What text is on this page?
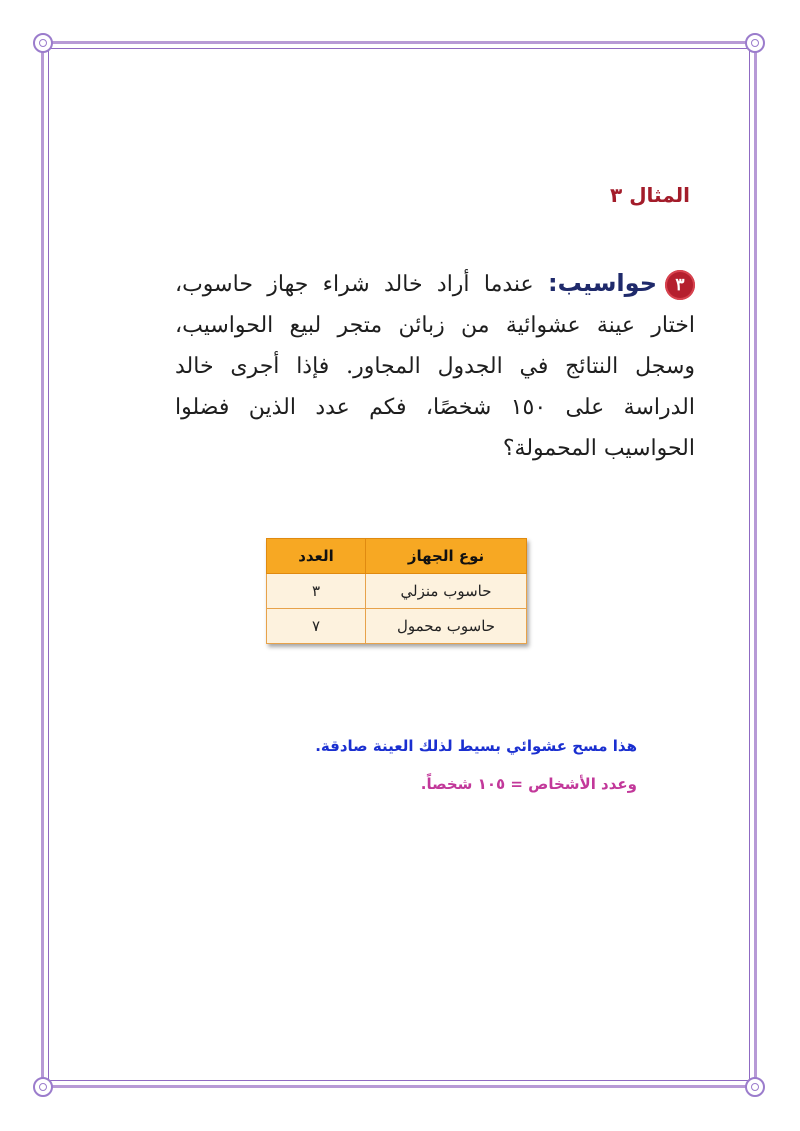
المثال ٣
٣حواسيب: عندما أراد خالد شراء جهاز حاسوب، اختار عينة عشوائية من زبائن متجر لبيع الحواسيب، وسجل النتائج في الجدول المجاور. فإذا أجرى خالد الدراسة على ١٥٠ شخصًا، فكم عدد الذين فضلوا الحواسيب المحمولة؟
نوع الجهاز	العدد
حاسوب منزلي	٣
حاسوب محمول	٧
هذا مسح عشوائي بسيط لذلك العينة صادقة.
وعدد الأشخاص = ١٠٥ شخصاً.
